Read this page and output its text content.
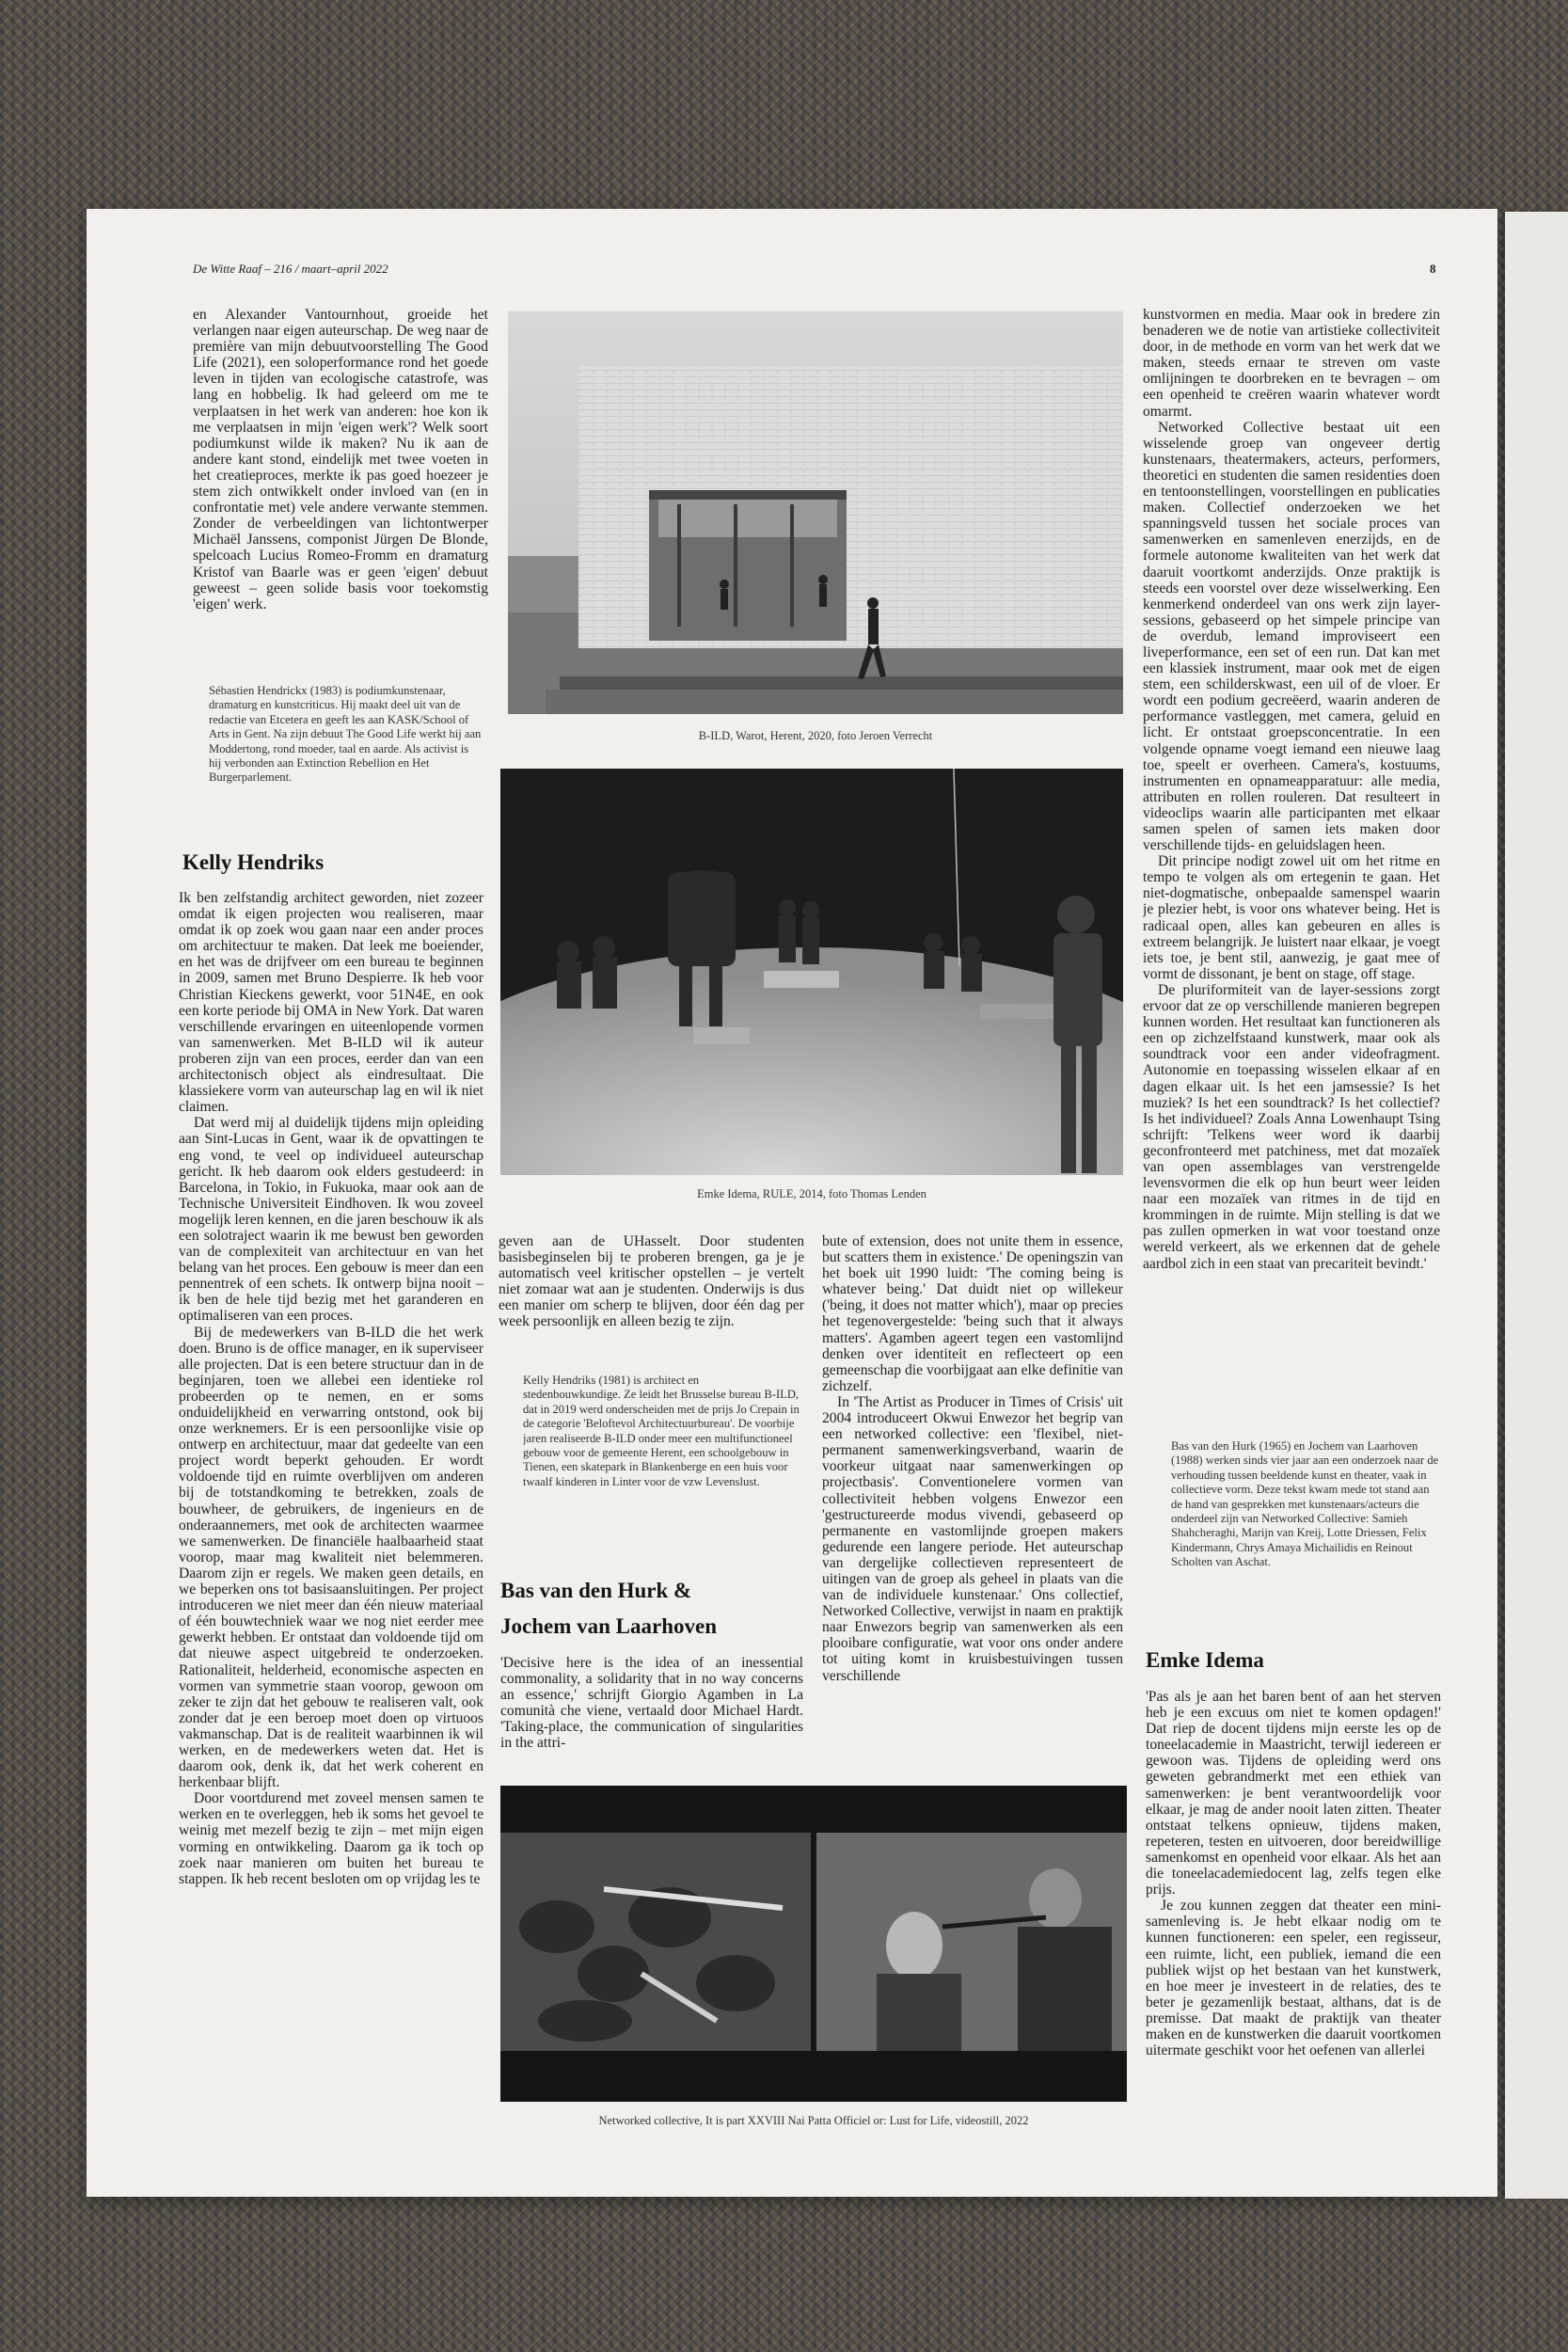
De Witte Raaf – 216 / maart–april 2022	8

en Alexander Vantournhout, groeide het verlangen naar eigen auteurschap. De weg naar de première van mijn debuutvoorstelling The Good Life (2021), een soloperformance rond het goede leven in tijden van ecologische catastrofe, was lang en hobbelig. Ik had geleerd om me te verplaatsen in het werk van anderen: hoe kon ik me verplaatsen in mijn 'eigen werk'? Welk soort podiumkunst wilde ik maken? Nu ik aan de andere kant stond, eindelijk met twee voeten in het creatieproces, merkte ik pas goed hoezeer je stem zich ontwikkelt onder invloed van (en in confrontatie met) vele andere verwante stemmen. Zonder de verbeeldingen van lichtontwerper Michaël Janssens, componist Jürgen De Blonde, spelcoach Lucius Romeo-Fromm en dramaturg Kristof van Baarle was er geen 'eigen' debuut geweest – geen solide basis voor toekomstig 'eigen' werk.

Sébastien Hendrickx (1983) is podiumkunstenaar, dramaturg en kunstcriticus. Hij maakt deel uit van de redactie van Etcetera en geeft les aan KASK/School of Arts in Gent. Na zijn debuut The Good Life werkt hij aan Moddertong, rond moeder, taal en aarde. Als activist is hij verbonden aan Extinction Rebellion en Het Burgerparlement.
Kelly Hendriks

Ik ben zelfstandig architect geworden, niet zozeer omdat ik eigen projecten wou realiseren, maar omdat ik op zoek wou gaan naar een ander proces om architectuur te maken. Dat leek me boeiender, en het was de drijfveer om een bureau te beginnen in 2009, samen met Bruno Despierre. Ik heb voor Christian Kieckens gewerkt, voor 51N4E, en ook een korte periode bij OMA in New York. Dat waren verschillende ervaringen en uiteenlopende vormen van samenwerken. Met B-ILD wil ik auteur proberen zijn van een proces, eerder dan van een architectonisch object als eindresultaat. Die klassiekere vorm van auteurschap lag en wil ik niet claimen.

Dat werd mij al duidelijk tijdens mijn opleiding aan Sint-Lucas in Gent, waar ik de opvattingen te eng vond, te veel op individueel auteurschap gericht. Ik heb daarom ook elders gestudeerd: in Barcelona, in Tokio, in Fukuoka, maar ook aan de Technische Universiteit Eindhoven. Ik wou zoveel mogelijk leren kennen, en die jaren beschouw ik als een solotraject waarin ik me bewust ben geworden van de complexiteit van architectuur en van het belang van het proces. Een gebouw is meer dan een pennentrek of een schets. Ik ontwerp bijna nooit – ik ben de hele tijd bezig met het garanderen en optimaliseren van een proces.

Bij de medewerkers van B-ILD die het werk doen. Bruno is de office manager, en ik superviseer alle projecten. Dat is een betere structuur dan in de beginjaren, toen we allebei een identieke rol probeerden op te nemen, en er soms onduidelijkheid en verwarring ontstond, ook bij onze werknemers. Er is een persoonlijke visie op ontwerp en architectuur, maar dat gedeelte van een project wordt beperkt gehouden. Er wordt voldoende tijd en ruimte overblijven om anderen bij de totstandkoming te betrekken, zoals de bouwheer, de gebruikers, de ingenieurs en de onderaannemers, met ook de architecten waarmee we samenwerken. De financiële haalbaarheid staat voorop, maar mag kwaliteit niet belemmeren. Daarom zijn er regels. We maken geen details, en we beperken ons tot basisaansluitingen. Per project introduceren we niet meer dan één nieuw materiaal of één bouwtechniek waar we nog niet eerder mee gewerkt hebben. Er ontstaat dan voldoende tijd om dat nieuwe aspect uitgebreid te onderzoeken. Rationaliteit, helderheid, economische aspecten en vormen van symmetrie staan voorop, gewoon om zeker te zijn dat het gebouw te realiseren valt, ook zonder dat je een beroep moet doen op virtuoos vakmanschap. Dat is de realiteit waarbinnen ik wil werken, en de medewerkers weten dat. Het is daarom ook, denk ik, dat het werk coherent en herkenbaar blijft.

Door voortdurend met zoveel mensen samen te werken en te overleggen, heb ik soms het gevoel te weinig met mezelf bezig te zijn – met mijn eigen vorming en ontwikkeling. Daarom ga ik toch op zoek naar manieren om buiten het bureau te stappen. Ik heb recent besloten om op vrijdag les te

B-ILD, Warot, Herent, 2020, foto Jeroen Verrecht
Emke Idema, RULE, 2014, foto Thomas Lenden

geven aan de UHasselt. Door studenten basisbeginselen bij te proberen brengen, ga je je automatisch veel kritischer opstellen – je vertelt niet zomaar wat aan je studenten. Onderwijs is dus een manier om scherp te blijven, door één dag per week persoonlijk en alleen bezig te zijn.

Kelly Hendriks (1981) is architect en stedenbouwkundige. Ze leidt het Brusselse bureau B-ILD, dat in 2019 werd onderscheiden met de prijs Jo Crepain in de categorie 'Beloftevol Architectuurbureau'. De voorbije jaren realiseerde B-ILD onder meer een multifunctioneel gebouw voor de gemeente Herent, een schoolgebouw in Tienen, een skatepark in Blankenberge en een huis voor twaalf kinderen in Linter voor de vzw Levenslust.
Bas van den Hurk &
Jochem van Laarhoven

'Decisive here is the idea of an inessential commonality, a solidarity that in no way concerns an essence,' schrijft Giorgio Agamben in La comunità che viene, vertaald door Michael Hardt. 'Taking-place, the communication of singularities in the attri-

bute of extension, does not unite them in essence, but scatters them in existence.' De openingszin van het boek uit 1990 luidt: 'The coming being is whatever being.' Dat duidt niet op willekeur ('being, it does not matter which'), maar op precies het tegenovergestelde: 'being such that it always matters'. Agamben ageert tegen een vastomlijnd denken over identiteit en reflecteert op een gemeenschap die voorbijgaat aan elke definitie van zichzelf.

In 'The Artist as Producer in Times of Crisis' uit 2004 introduceert Okwui Enwezor het begrip van een networked collective: een 'flexibel, niet-permanent samenwerkingsverband, waarin de voorkeur uitgaat naar samenwerkingen op projectbasis'. Conventionelere vormen van collectiviteit hebben volgens Enwezor een 'gestructureerde modus vivendi, gebaseerd op permanente en vastomlijnde groepen makers gedurende een langere periode. Het auteurschap van dergelijke collectieven representeert de uitingen van de groep als geheel in plaats van die van de individuele kunstenaar.' Ons collectief, Networked Collective, verwijst in naam en praktijk naar Enwezors begrip van samenwerken als een plooibare configuratie, wat voor ons onder andere tot uiting komt in kruisbestuivingen tussen verschillende

Networked collective, It is part XXVIII Nai Patta Officiel or: Lust for Life, videostill, 2022

kunstvormen en media. Maar ook in bredere zin benaderen we de notie van artistieke collectiviteit door, in de methode en vorm van het werk dat we maken, steeds ernaar te streven om vaste omlijningen te doorbreken en te bevragen – om een openheid te creëren waarin whatever wordt omarmt.

Networked Collective bestaat uit een wisselende groep van ongeveer dertig kunstenaars, theatermakers, acteurs, performers, theoretici en studenten die samen residenties doen en tentoonstellingen, voorstellingen en publicaties maken. Collectief onderzoeken we het spanningsveld tussen het sociale proces van samenwerken en samenleven enerzijds, en de formele autonome kwaliteiten van het werk dat daaruit voortkomt anderzijds. Onze praktijk is steeds een voorstel over deze wisselwerking. Een kenmerkend onderdeel van ons werk zijn layer-sessions, gebaseerd op het simpele principe van de overdub, lemand improviseert een liveperformance, een set of een run. Dat kan met een klassiek instrument, maar ook met de eigen stem, een schilderskwast, een uil of de vloer. Er wordt een podium gecreëerd, waarin anderen de performance vastleggen, met camera, geluid en licht. Er ontstaat groepsconcentratie. In een volgende opname voegt iemand een nieuwe laag toe, speelt er overheen. Camera's, kostuums, instrumenten en opnameapparatuur: alle media, attributen en rollen rouleren. Dat resulteert in videoclips waarin alle participanten met elkaar samen spelen of samen iets maken door verschillende tijds- en geluidslagen heen.

Dit principe nodigt zowel uit om het ritme en tempo te volgen als om ertegenin te gaan. Het niet-dogmatische, onbepaalde samenspel waarin je plezier hebt, is voor ons whatever being. Het is radicaal open, alles kan gebeuren en alles is extreem belangrijk. Je luistert naar elkaar, je voegt iets toe, je bent stil, aanwezig, je gaat mee of vormt de dissonant, je bent on stage, off stage.

De pluriformiteit van de layer-sessions zorgt ervoor dat ze op verschillende manieren begrepen kunnen worden. Het resultaat kan functioneren als een op zichzelfstaand kunstwerk, maar ook als soundtrack voor een ander videofragment. Autonomie en toepassing wisselen elkaar af en dagen elkaar uit. Is het een jamsessie? Is het muziek? Is het een soundtrack? Is het collectief? Is het individueel? Zoals Anna Lowenhaupt Tsing schrijft: 'Telkens weer word ik daarbij geconfronteerd met patchiness, met dat mozaïek van open assemblages van verstrengelde levensvormen die elk op hun beurt weer leiden naar een mozaïek van ritmes in de tijd en krommingen in de ruimte. Mijn stelling is dat we pas zullen opmerken in wat voor toestand onze wereld verkeert, als we erkennen dat de gehele aardbol zich in een staat van precariteit bevindt.'

Bas van den Hurk (1965) en Jochem van Laarhoven (1988) werken sinds vier jaar aan een onderzoek naar de verhouding tussen beeldende kunst en theater, vaak in collectieve vorm. Deze tekst kwam mede tot stand aan de hand van gesprekken met kunstenaars/acteurs die onderdeel zijn van Networked Collective: Samieh Shahcheraghi, Marijn van Kreij, Lotte Driessen, Felix Kindermann, Chrys Amaya Michailidis en Reinout Scholten van Aschat.
Emke Idema

'Pas als je aan het baren bent of aan het sterven heb je een excuus om niet te komen opdagen!' Dat riep de docent tijdens mijn eerste les op de toneelacademie in Maastricht, terwijl iedereen er gewoon was. Tijdens de opleiding werd ons geweten gebrandmerkt met een ethiek van samenwerken: je bent verantwoordelijk voor elkaar, je mag de ander nooit laten zitten. Theater ontstaat telkens opnieuw, tijdens maken, repeteren, testen en uitvoeren, door bereidwillige samenkomst en openheid voor elkaar. Als het aan die toneelacademiedocent lag, zelfs tegen elke prijs.

Je zou kunnen zeggen dat theater een mini-samenleving is. Je hebt elkaar nodig om te kunnen functioneren: een speler, een regisseur, een ruimte, licht, een publiek, iemand die een publiek wijst op het bestaan van het kunstwerk, en hoe meer je investeert in de relaties, des te beter je gezamenlijk bestaat, althans, dat is de premisse. Dat maakt de praktijk van theater maken en de kunstwerken die daaruit voortkomen uitermate geschikt voor het oefenen van allerlei
